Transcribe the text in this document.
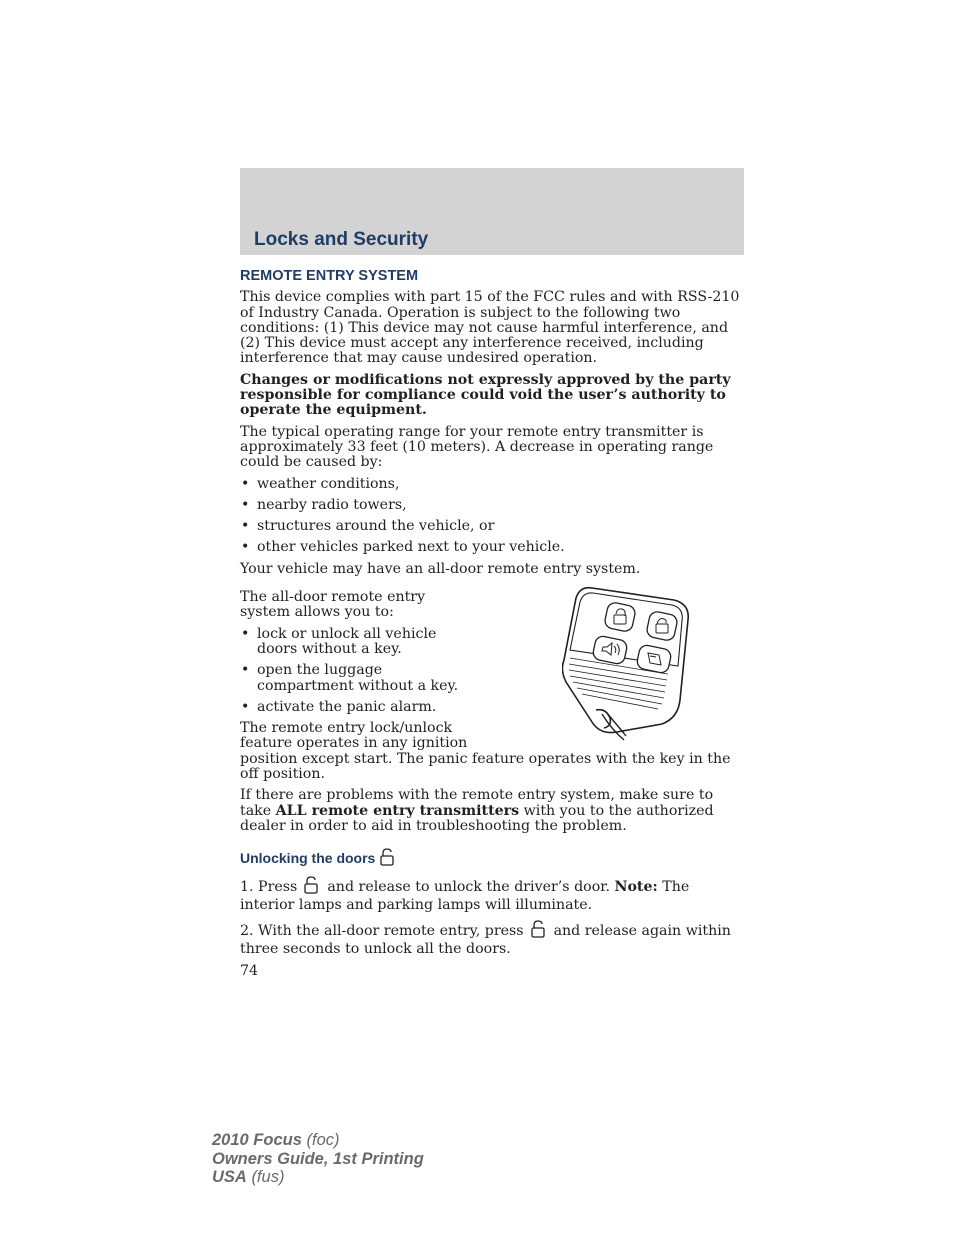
Locks and Security
REMOTE ENTRY SYSTEM

This device complies with part 15 of the FCC rules and with RSS-210 of Industry Canada. Operation is subject to the following two conditions: (1) This device may not cause harmful interference, and (2) This device must accept any interference received, including interference that may cause undesired operation.

Changes or modifications not expressly approved by the party responsible for compliance could void the user’s authority to operate the equipment.

The typical operating range for your remote entry transmitter is approximately 33 feet (10 meters). A decrease in operating range could be caused by:

• weather conditions,
• nearby radio towers,
• structures around the vehicle, or
• other vehicles parked next to your vehicle.

Your vehicle may have an all-door remote entry system.

The all-door remote entry system allows you to:

• lock or unlock all vehicle doors without a key.
• open the luggage compartment without a key.
• activate the panic alarm.

The remote entry lock/unlock feature operates in any ignition

position except start. The panic feature operates with the key in the off position.

If there are problems with the remote entry system, make sure to take ALL remote entry transmitters with you to the authorized dealer in order to aid in troubleshooting the problem.

Unlocking the doors

1. Press and release to unlock the driver’s door. Note: The interior lamps and parking lamps will illuminate.

2. With the all-door remote entry, press and release again within three seconds to unlock all the doors.

74
2010 Focus (foc)
Owners Guide, 1st Printing
USA (fus)
